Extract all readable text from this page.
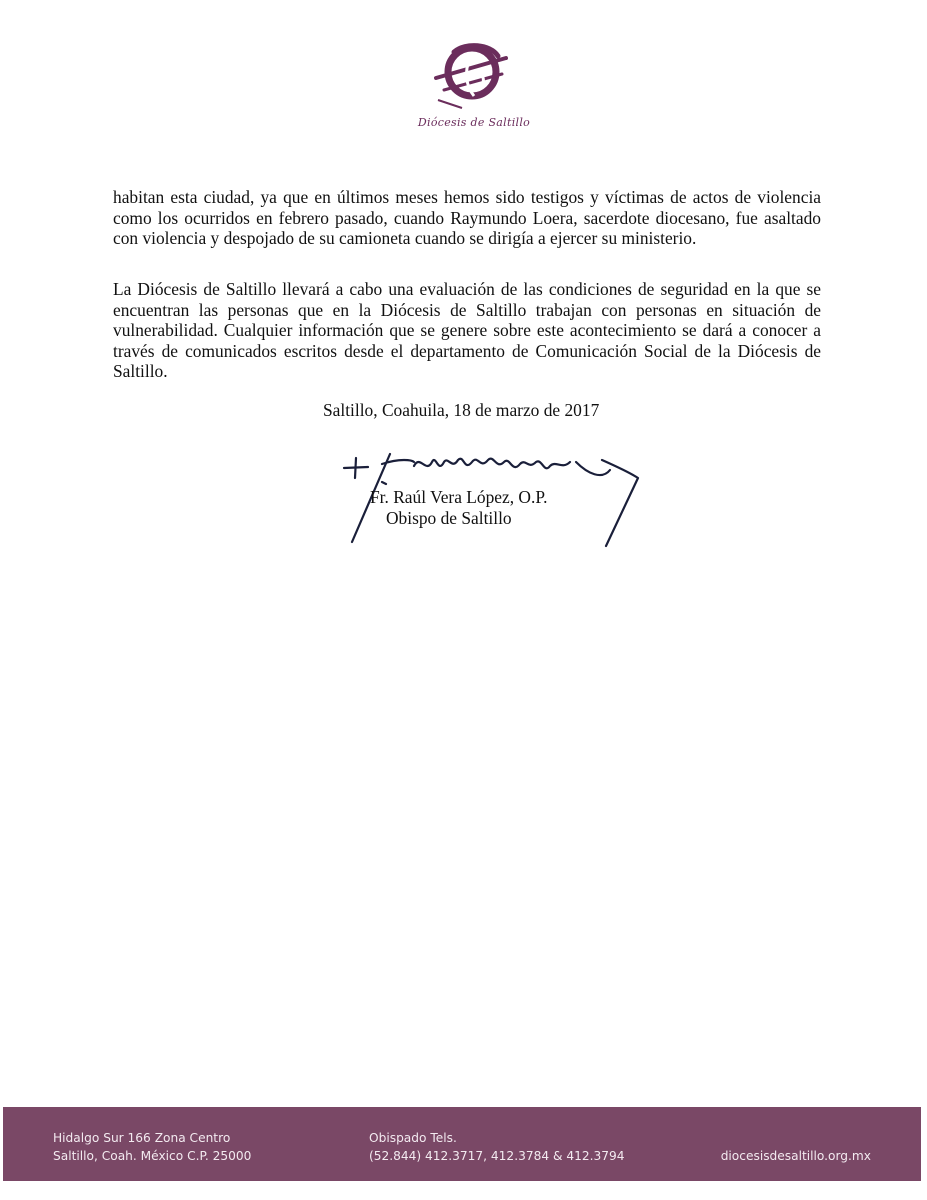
Diócesis de Saltillo
habitan esta ciudad, ya que en últimos meses hemos sido testigos y víctimas de actos de violencia como los ocurridos en febrero pasado, cuando Raymundo Loera, sacerdote diocesano, fue asaltado con violencia y despojado de su camioneta cuando se dirigía a ejercer su ministerio.
La Diócesis de Saltillo llevará a cabo una evaluación de las condiciones de seguridad en la que se encuentran las personas que en la Diócesis de Saltillo trabajan con personas en situación de vulnerabilidad. Cualquier información que se genere sobre este acontecimiento se dará a conocer a través de comunicados escritos desde el departamento de Comunicación Social de la Diócesis de Saltillo.
Saltillo, Coahuila, 18 de marzo de 2017
Fr. Raúl Vera López, O.P.
Obispo de Saltillo
Hidalgo Sur 166 Zona Centro
Saltillo, Coah. México C.P. 25000
Obispado Tels.
(52.844) 412.3717, 412.3784 & 412.3794	diocesisdesaltillo.org.mx
